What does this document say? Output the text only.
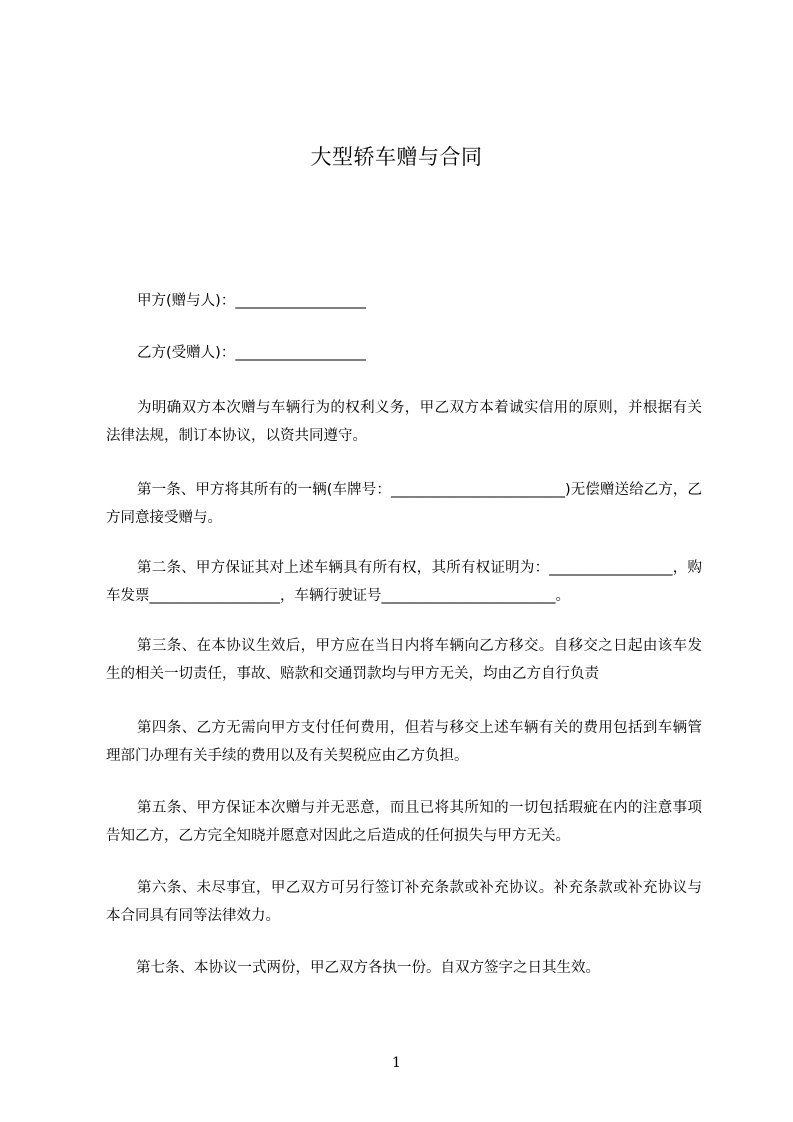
大型轿车赠与合同
甲方(赠与人)：__________________
乙方(受赠人)：__________________

为明确双方本次赠与车辆行为的权利义务，甲乙双方本着诚实信用的原则，并根据有关法律法规，制订本协议，以资共同遵守。

第一条、甲方将其所有的一辆(车牌号：________________________)无偿赠送给乙方，乙方同意接受赠与。

第二条、甲方保证其对上述车辆具有所有权，其所有权证明为：_________________，购车发票__________________，车辆行驶证号________________________。

第三条、在本协议生效后，甲方应在当日内将车辆向乙方移交。自移交之日起由该车发生的相关一切责任，事故、赔款和交通罚款均与甲方无关，均由乙方自行负责

第四条、乙方无需向甲方支付任何费用，但若与移交上述车辆有关的费用包括到车辆管理部门办理有关手续的费用以及有关契税应由乙方负担。

第五条、甲方保证本次赠与并无恶意，而且已将其所知的一切包括瑕疵在内的注意事项告知乙方，乙方完全知晓并愿意对因此之后造成的任何损失与甲方无关。

第六条、未尽事宜，甲乙双方可另行签订补充条款或补充协议。补充条款或补充协议与本合同具有同等法律效力。

第七条、本协议一式两份，甲乙双方各执一份。自双方签字之日其生效。

1
